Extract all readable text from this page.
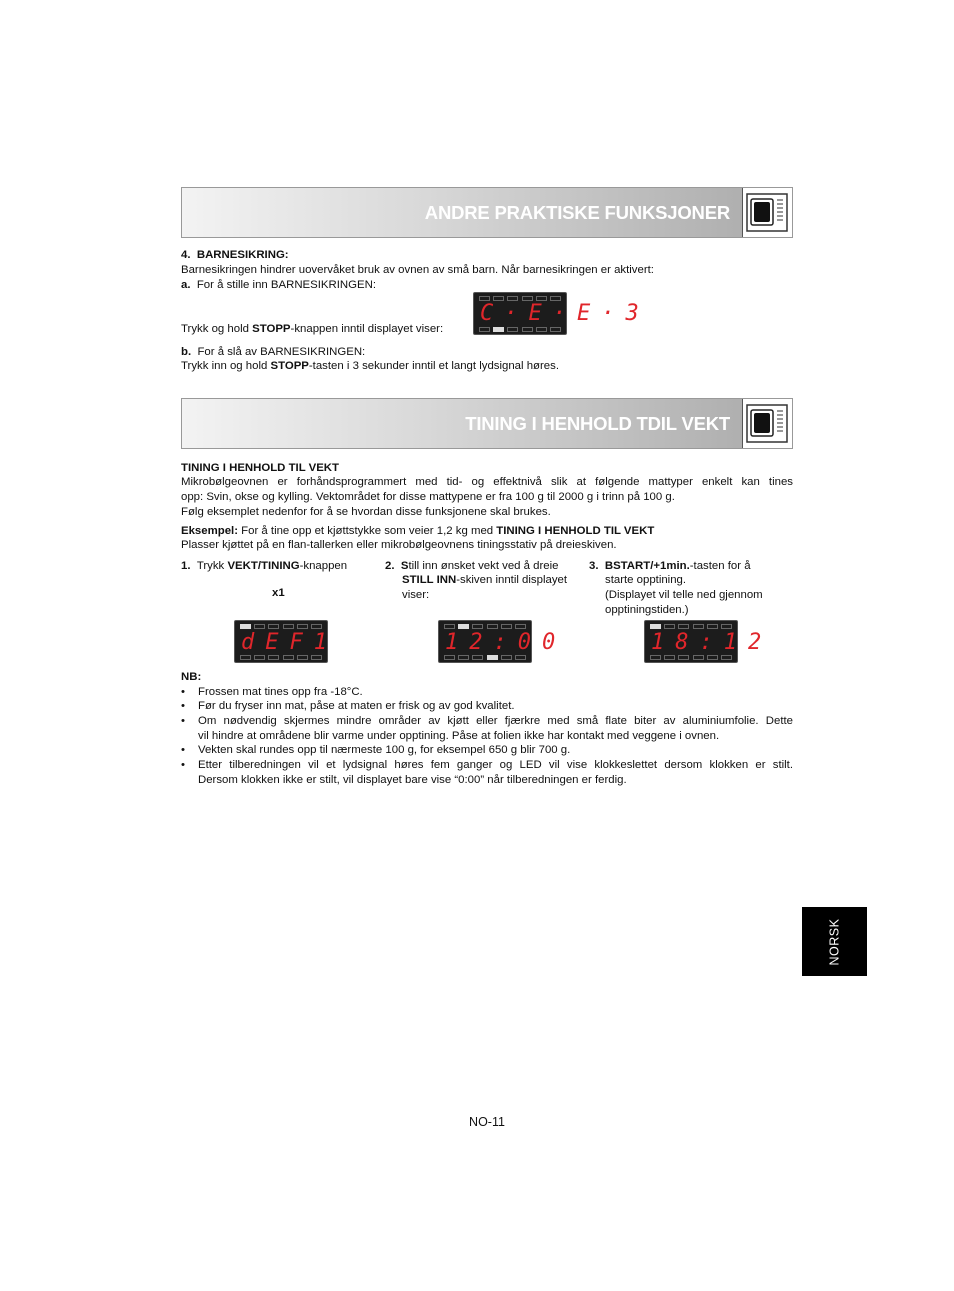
ANDRE PRAKTISKE FUNKSJONER
4. BARNESIKRING:
Barnesikringen hindrer uovervåket bruk av ovnen av små barn. Når barnesikringen er aktivert:
a. For å stille inn BARNESIKRINGEN:
Trykk og hold STOPP-knappen inntil displayet viser:
C·E·E·3
b. For å slå av BARNESIKRINGEN:
Trykk inn og hold STOPP-tasten i 3 sekunder inntil et langt lydsignal høres.
TINING I HENHOLD TDIL VEKT
TINING I HENHOLD TIL VEKT
Mikrobølgeovnen er forhåndsprogrammert med tid- og effektnivå slik at følgende mattyper enkelt kan tines
opp: Svin, okse og kylling. Vektområdet for disse mattypene er fra 100 g til 2000 g i trinn på 100 g.
Følg eksemplet nedenfor for å se hvordan disse funksjonene skal brukes.
Eksempel: For å tine opp et kjøttstykke som veier 1,2 kg med TINING I HENHOLD TIL VEKT
Plasser kjøttet på en flan-tallerken eller mikrobølgeovnens tiningsstativ på dreieskiven.
1. Trykk VEKT/TINING-knappen
x1
dEF1
2. Still inn ønsket vekt ved å dreie
STILL INN-skiven inntil displayet
viser:
12:00
3. BSTART/+1min.-tasten for å
starte opptining.
(Displayet vil telle ned gjennom
opptiningstiden.)
18:12
NB:
• Frossen mat tines opp fra -18°C.
• Før du fryser inn mat, påse at maten er frisk og av god kvalitet.
• Om nødvendig skjermes mindre områder av kjøtt eller fjærkre med små flate biter av aluminiumfolie. Dette
vil hindre at områdene blir varme under opptining. Påse at folien ikke har kontakt med veggene i ovnen.
• Vekten skal rundes opp til nærmeste 100 g, for eksempel 650 g blir 700 g.
• Etter tilberedningen vil et lydsignal høres fem ganger og LED vil vise klokkeslettet dersom klokken er stilt.
Dersom klokken ikke er stilt, vil displayet bare vise “0:00” når tilberedningen er ferdig.
NORSK
NO-11
